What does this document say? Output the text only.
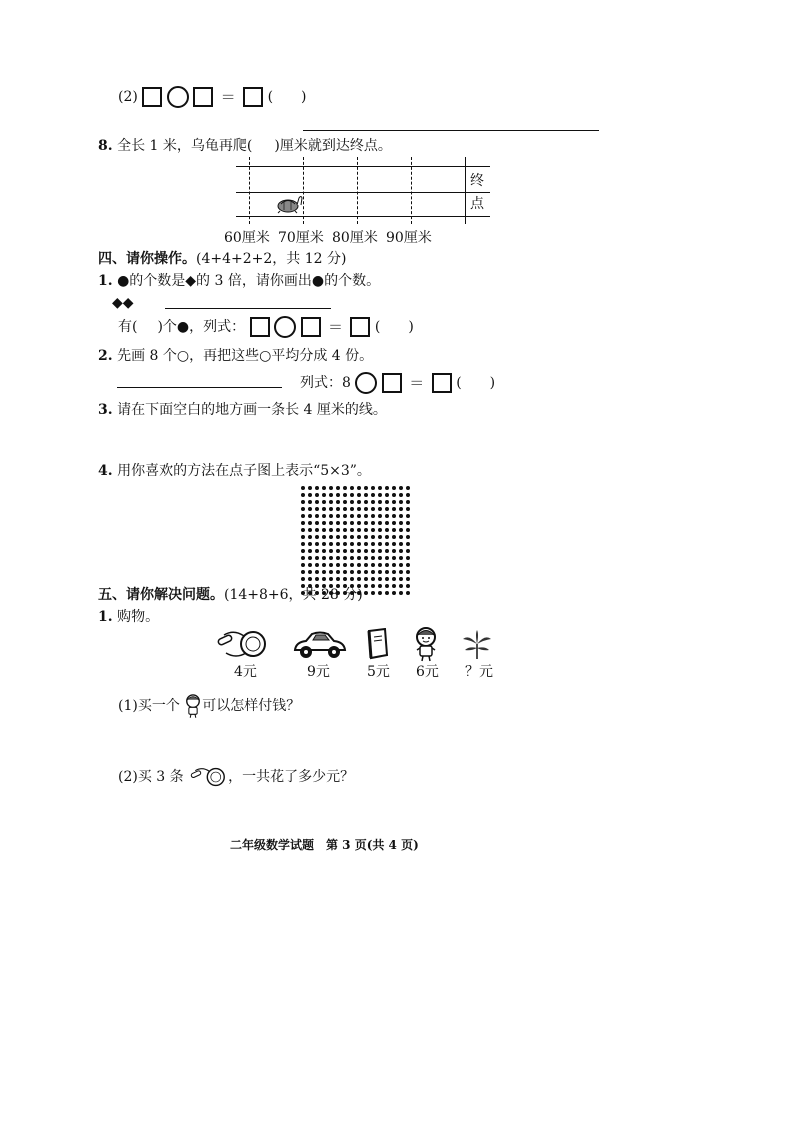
(2)	＝ (　　)
8. 全长 1 米，乌龟再爬( )厘米就到达终点。
终
点
60厘米 70厘米 80厘米 90厘米
四、请你操作。(4+4+2+2，共 12 分)
1. ●的个数是◆的 3 倍，请你画出●的个数。
◆◆
有( )个●，列式：	＝ (　　)
2. 先画 8 个○，再把这些○平均分成 4 份。
列式：8	＝ (　　)
3. 请在下面空白的地方画一条长 4 厘米的线。
4. 用你喜欢的方法在点子图上表示“5×3”。
五、请你解决问题。(14+8+6，共 28 分)
1. 购物。
4元	9元	5元 6元 ？元
(1)买一个 可以怎样付钱？
(2)买 3 条	，一共花了多少元？
二年级数学试题　第 3 页(共 4 页)
